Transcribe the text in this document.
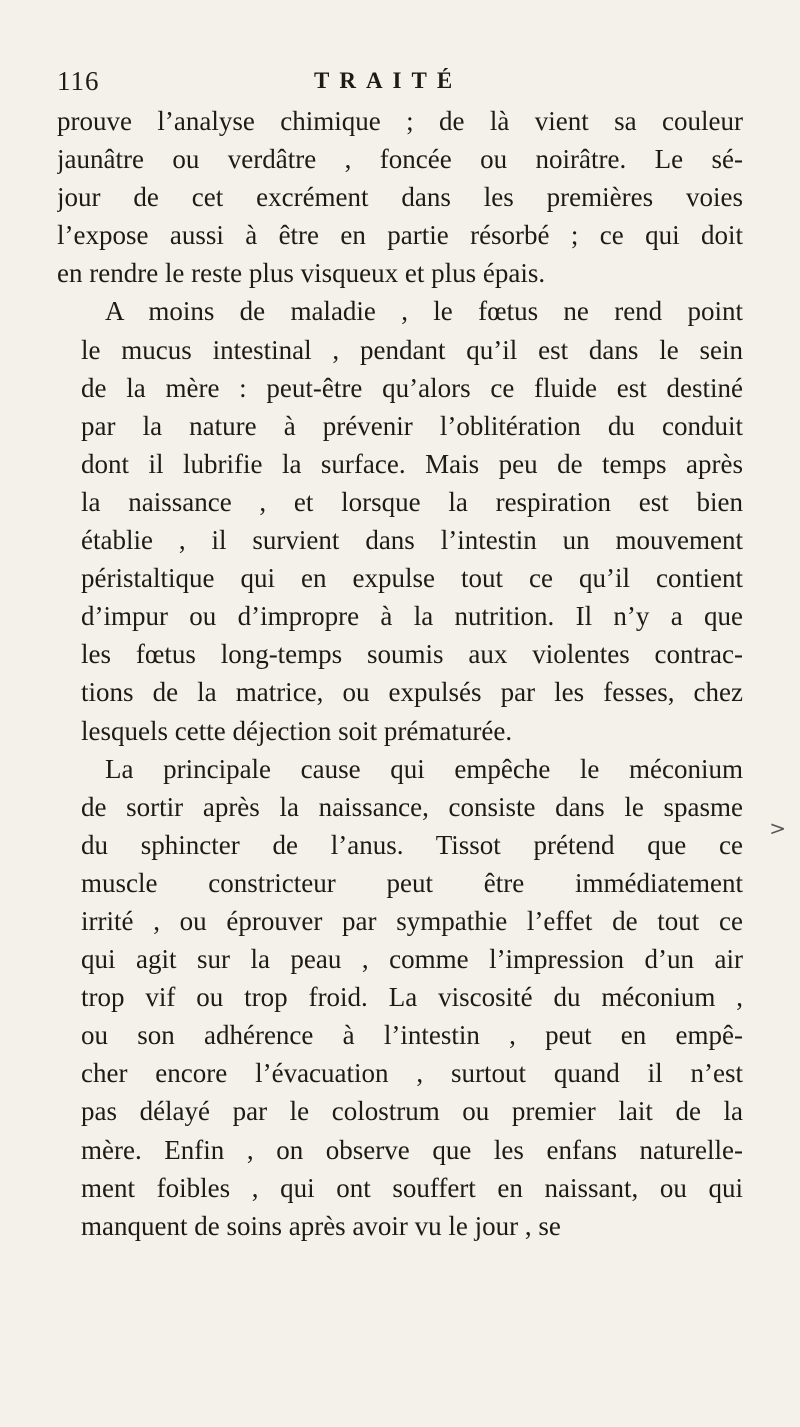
116	TRAITÉ
prouve l’analyse chimique ; de là vient sa couleur
jaunâtre ou verdâtre , foncée ou noirâtre. Le sé-
jour de cet excrément dans les premières voies
l’expose aussi à être en partie résorbé ; ce qui doit
en rendre le reste plus visqueux et plus épais.
A moins de maladie , le fœtus ne rend point
le mucus intestinal , pendant qu’il est dans le sein
de la mère : peut-être qu’alors ce fluide est destiné
par la nature à prévenir l’oblitération du conduit
dont il lubrifie la surface. Mais peu de temps après
la naissance , et lorsque la respiration est bien
établie , il survient dans l’intestin un mouvement
péristaltique qui en expulse tout ce qu’il contient
d’impur ou d’impropre à la nutrition. Il n’y a que
les fœtus long-temps soumis aux violentes contrac-
tions de la matrice, ou expulsés par les fesses, chez
lesquels cette déjection soit prématurée.
La principale cause qui empêche le méconium
de sortir après la naissance, consiste dans le spasme
du sphincter de l’anus. Tissot prétend que ce
muscle constricteur peut être immédiatement
irrité , ou éprouver par sympathie l’effet de tout ce
qui agit sur la peau , comme l’impression d’un air
trop vif ou trop froid. La viscosité du méconium ,
ou son adhérence à l’intestin , peut en empê-
cher encore l’évacuation , surtout quand il n’est
pas délayé par le colostrum ou premier lait de la
mère. Enfin , on observe que les enfans naturelle-
ment foibles , qui ont souffert en naissant, ou qui
manquent de soins après avoir vu le jour , se
>
